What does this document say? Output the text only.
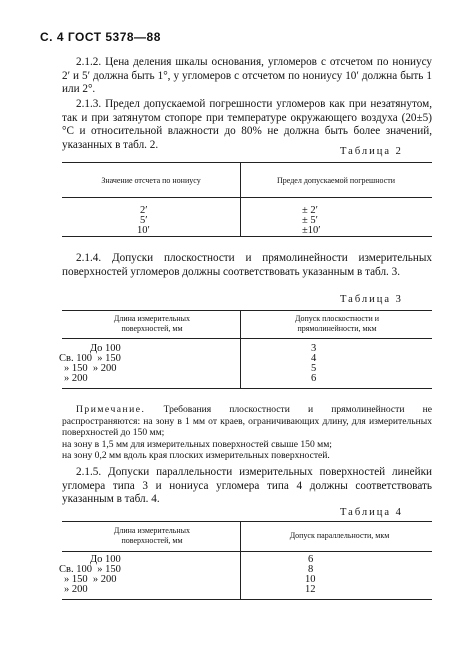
С. 4 ГОСТ 5378—88
2.1.2. Цена деления шкалы основания, угломеров с отсчетом по нониусу 2′ и 5′ должна быть 1°, у угломеров с отсчетом по нониусу 10′ должна быть 1 или 2°.
2.1.3. Предел допускаемой погрешности угломеров как при незатянутом, так и при затянутом стопоре при температуре окружающего воздуха (20±5)°С и относительной влажности до 80% не должна быть более значений, указанных в табл. 2.
Таблица 2
Значение отсчета по нониусу	Предел допускаемой погрешности
2′
5′
10′
± 2′
± 5′
±10′
2.1.4. Допуски плоскостности и прямолинейности измерительных поверхностей угломеров должны соответствовать указанным в табл. 3.
Таблица 3
Длина измерительных поверхностей, мм
Допуск плоскостности и прямолинейности, мкм
До 100
Св. 100  » 150
» 150  » 200
» 200
3
4
5
6
Примечание. Требования плоскостности и прямолинейности не распространяются: на зону в 1 мм от краев, ограничивающих длину, для измерительных поверхностей до 150 мм;
на зону в 1,5 мм для измерительных поверхностей свыше 150 мм;
на зону 0,2 мм вдоль края плоских измерительных поверхностей.
2.1.5. Допуски параллельности измерительных поверхностей линейки угломера типа 3 и нониуса угломера типа 4 должны соответствовать указанным в табл. 4.
Таблица 4
Длина измерительных поверхностей, мм
Допуск параллельности, мкм
До 100
Св. 100  » 150
» 150  » 200
» 200
6
8
10
12
